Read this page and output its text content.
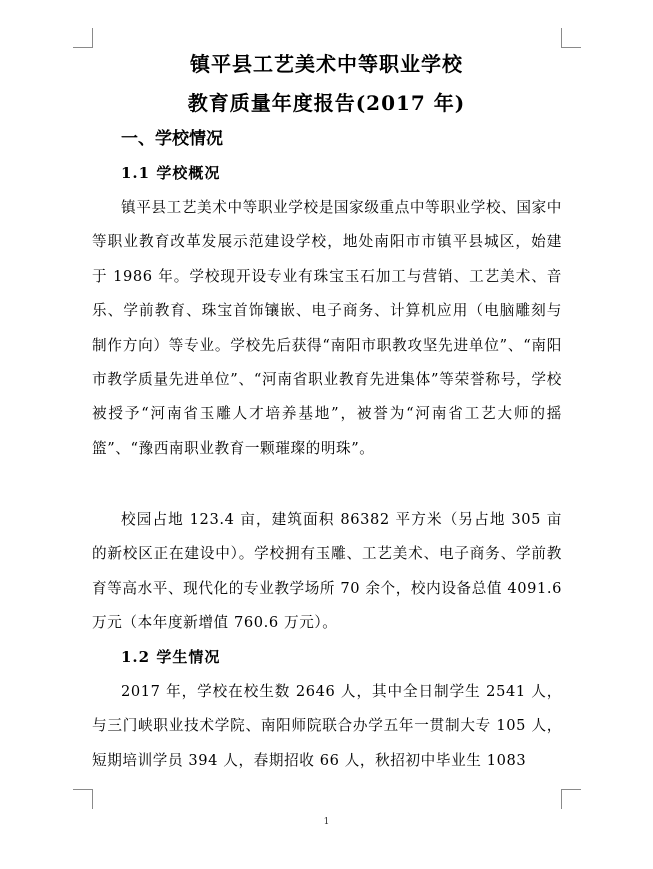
镇平县工艺美术中等职业学校
教育质量年度报告(2017 年)
一、学校情况
1.1 学校概况

镇平县工艺美术中等职业学校是国家级重点中等职业学校、国家中等职业教育改革发展示范建设学校，地处南阳市市镇平县城区，始建于 1986 年。学校现开设专业有珠宝玉石加工与营销、工艺美术、音乐、学前教育、珠宝首饰镶嵌、电子商务、计算机应用（电脑雕刻与制作方向）等专业。学校先后获得“南阳市职教攻坚先进单位”、“南阳市教学质量先进单位”、“河南省职业教育先进集体”等荣誉称号，学校被授予“河南省玉雕人才培养基地”，被誉为“河南省工艺大师的摇篮”、“豫西南职业教育一颗璀璨的明珠”。

校园占地 123.4 亩，建筑面积 86382 平方米（另占地 305 亩的新校区正在建设中）。学校拥有玉雕、工艺美术、电子商务、学前教育等高水平、现代化的专业教学场所 70 余个，校内设备总值 4091.6 万元（本年度新增值 760.6 万元）。

1.2 学生情况

2017 年，学校在校生数 2646 人，其中全日制学生 2541 人，与三门峡职业技术学院、南阳师院联合办学五年一贯制大专 105 人，短期培训学员 394 人，春期招收 66 人，秋招初中毕业生 1083

1
